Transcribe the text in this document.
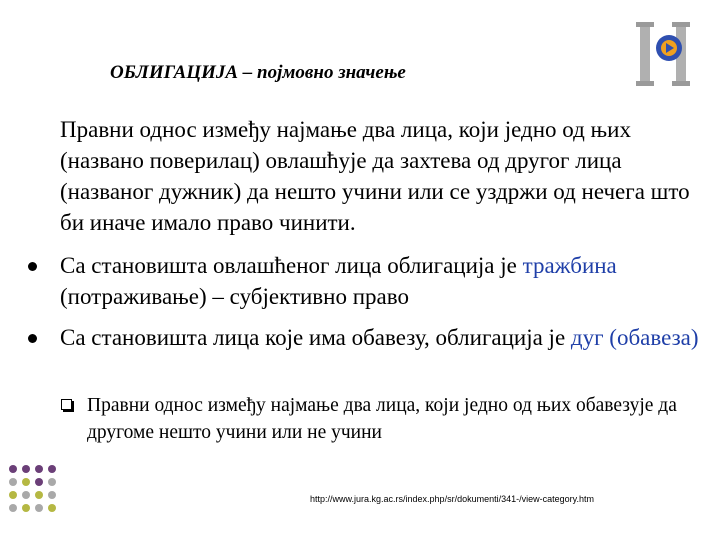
ОБЛИГАЦИЈА – појмовно значење
Правни однос између најмање два лица, који једно од њих (названо поверилац) овлашћује да захтева од другог лица (названог дужник) да нешто учини или се уздржи од нечега што би иначе имало право чинити.
Са становишта овлашћеног лица облигација је тражбина (потраживање) – субјективно право
Са становишта лица које има обавезу, облигација је дуг (обавеза)
Правни однос између најмање два лица, који једно од њих обавезује да другоме нешто учини или не учини
http://www.jura.kg.ac.rs/index.php/sr/dokumenti/341-/view-category.htm
